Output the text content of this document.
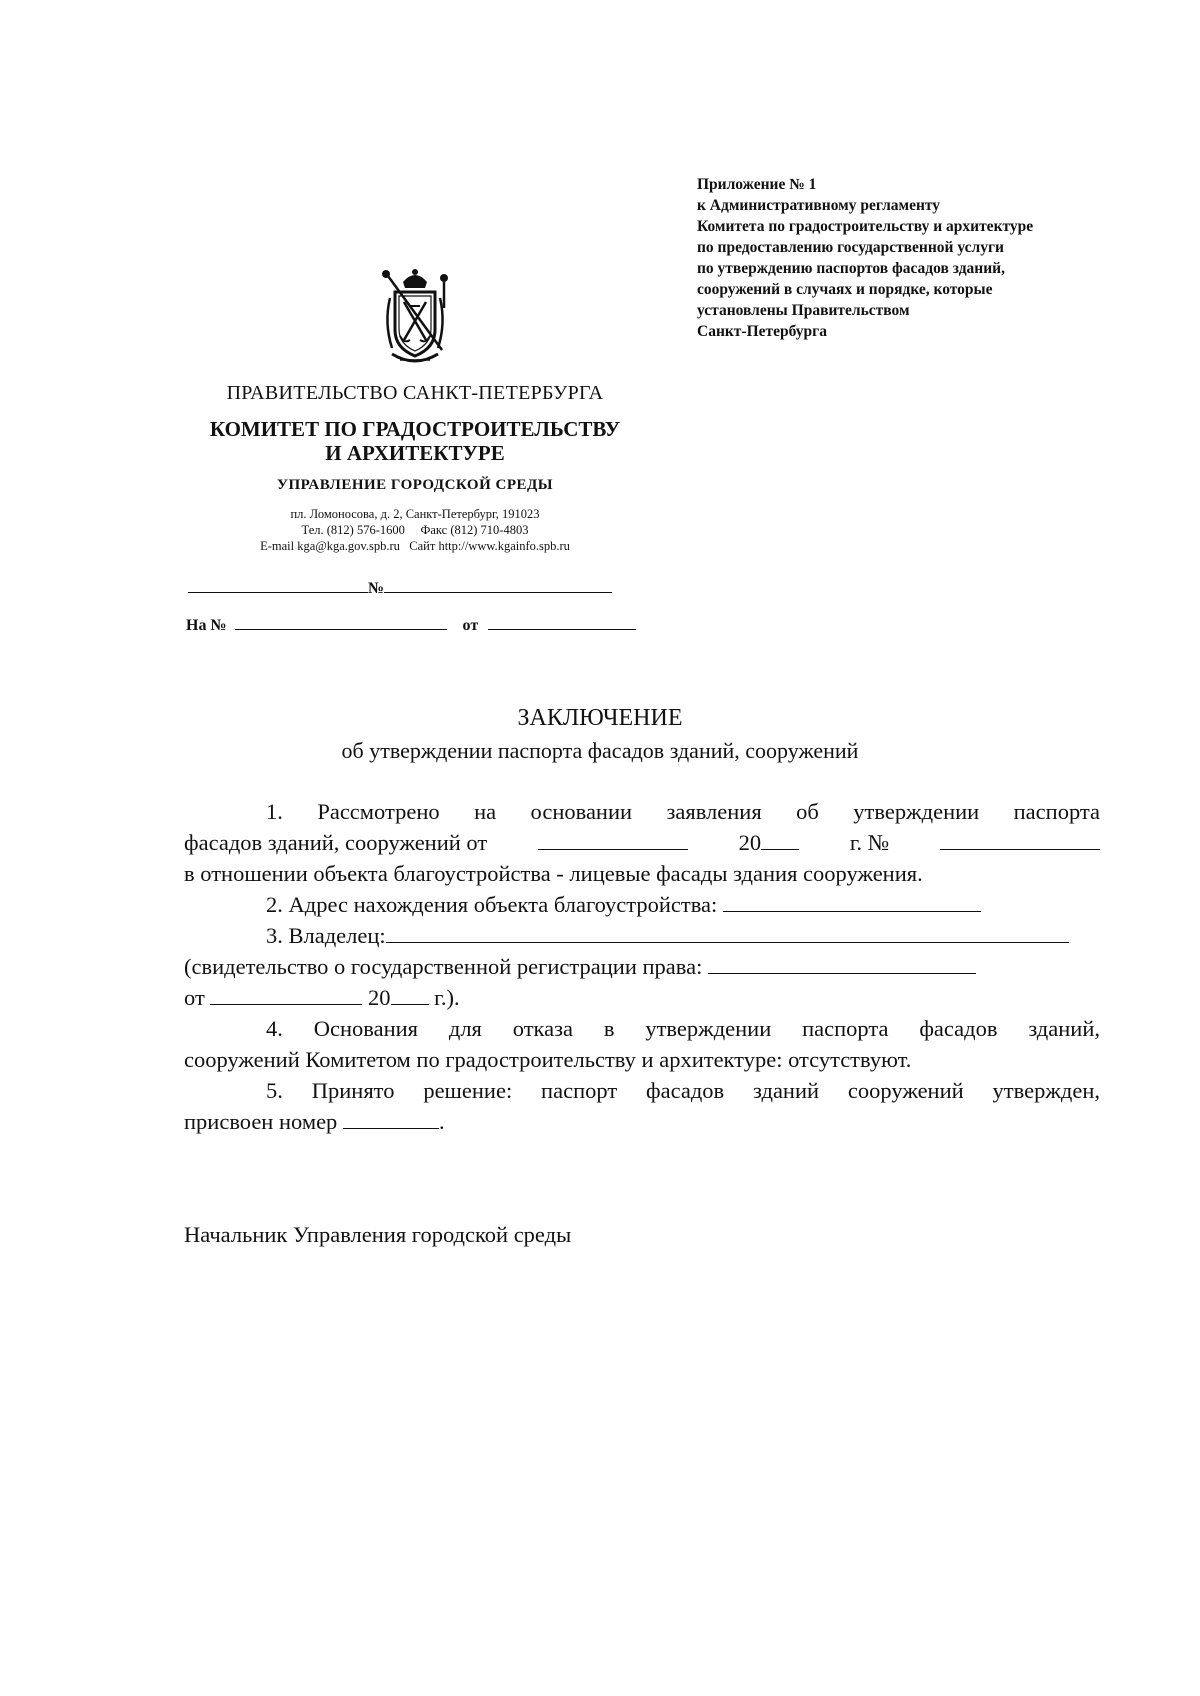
Приложение № 1
к Административному регламенту
Комитета по градостроительству и архитектуре
по предоставлению государственной услуги
по утверждению паспортов фасадов зданий,
сооружений в случаях и порядке, которые
установлены Правительством
Санкт-Петербурга
ПРАВИТЕЛЬСТВО САНКТ-ПЕТЕРБУРГА
КОМИТЕТ ПО ГРАДОСТРОИТЕЛЬСТВУ
И АРХИТЕКТУРЕ
УПРАВЛЕНИЕ ГОРОДСКОЙ СРЕДЫ
пл. Ломоносова, д. 2, Санкт-Петербург, 191023
Тел. (812) 576-1600     Факс (812) 710-4803
E-mail kga@kga.gov.spb.ru   Сайт http://www.kgainfo.spb.ru
№
На №	от
ЗАКЛЮЧЕНИЕ
об утверждении паспорта фасадов зданий, сооружений

1. Рассмотрено на основании заявления об утверждении паспорта

фасадов зданий, сооружений от	20	г. №

в отношении объекта благоустройства - лицевые фасады здания сооружения.

2. Адрес нахождения объекта благоустройства:

3. Владелец:

(свидетельство о государственной регистрации права:

от	20 г.).

4. Основания для отказа в утверждении паспорта фасадов зданий,

сооружений Комитетом по градостроительству и архитектуре: отсутствуют.

5. Принято решение: паспорт фасадов зданий сооружений утвержден,

присвоен номер	.

Начальник Управления городской среды
